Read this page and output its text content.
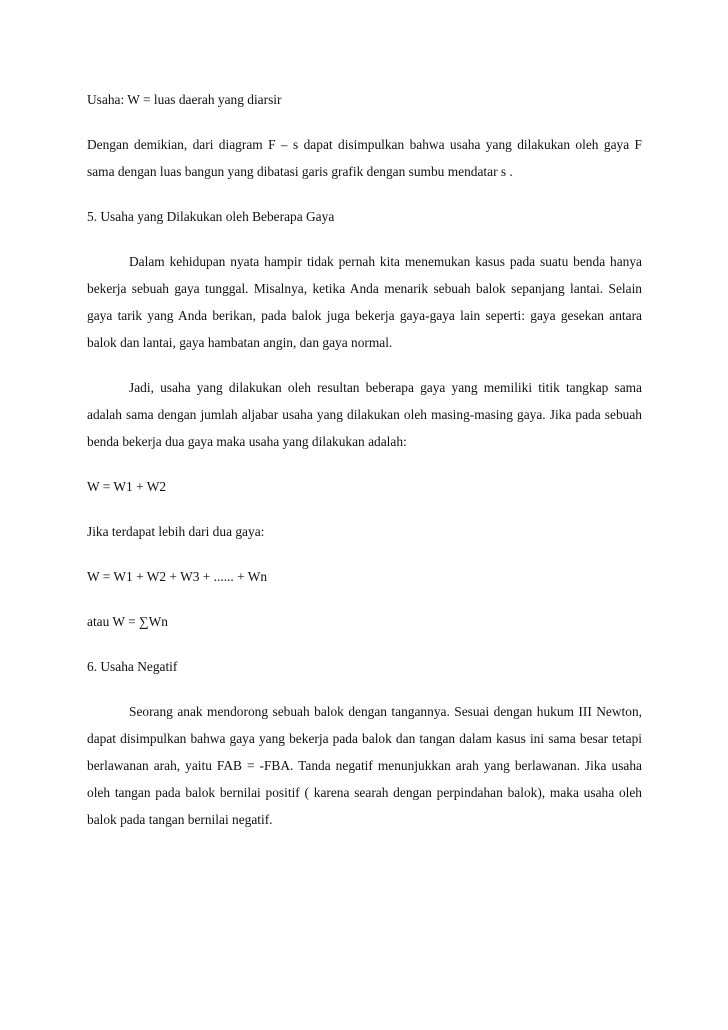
Usaha: W = luas daerah yang diarsir

Dengan demikian, dari diagram F – s dapat disimpulkan bahwa usaha yang dilakukan oleh gaya F sama dengan luas bangun yang dibatasi garis grafik dengan sumbu mendatar s .

5. Usaha yang Dilakukan oleh Beberapa Gaya

Dalam kehidupan nyata hampir tidak pernah kita menemukan kasus pada suatu benda hanya bekerja sebuah gaya tunggal. Misalnya, ketika Anda menarik sebuah balok sepanjang lantai. Selain gaya tarik yang Anda berikan, pada balok juga bekerja gaya-gaya lain seperti: gaya gesekan antara balok dan lantai, gaya hambatan angin, dan gaya normal.

Jadi, usaha yang dilakukan oleh resultan beberapa gaya yang memiliki titik tangkap sama adalah sama dengan jumlah aljabar usaha yang dilakukan oleh masing-masing gaya. Jika pada sebuah benda bekerja dua gaya maka usaha yang dilakukan adalah:

W = W1 + W2

Jika terdapat lebih dari dua gaya:

W = W1 + W2 + W3 + ...... + Wn

atau W = ∑Wn

6. Usaha Negatif

Seorang anak mendorong sebuah balok dengan tangannya. Sesuai dengan hukum III Newton, dapat disimpulkan bahwa gaya yang bekerja pada balok dan tangan dalam kasus ini sama besar tetapi berlawanan arah, yaitu FAB = -FBA. Tanda negatif menunjukkan arah yang berlawanan. Jika usaha oleh tangan pada balok bernilai positif ( karena searah dengan perpindahan balok), maka usaha oleh balok pada tangan bernilai negatif.
